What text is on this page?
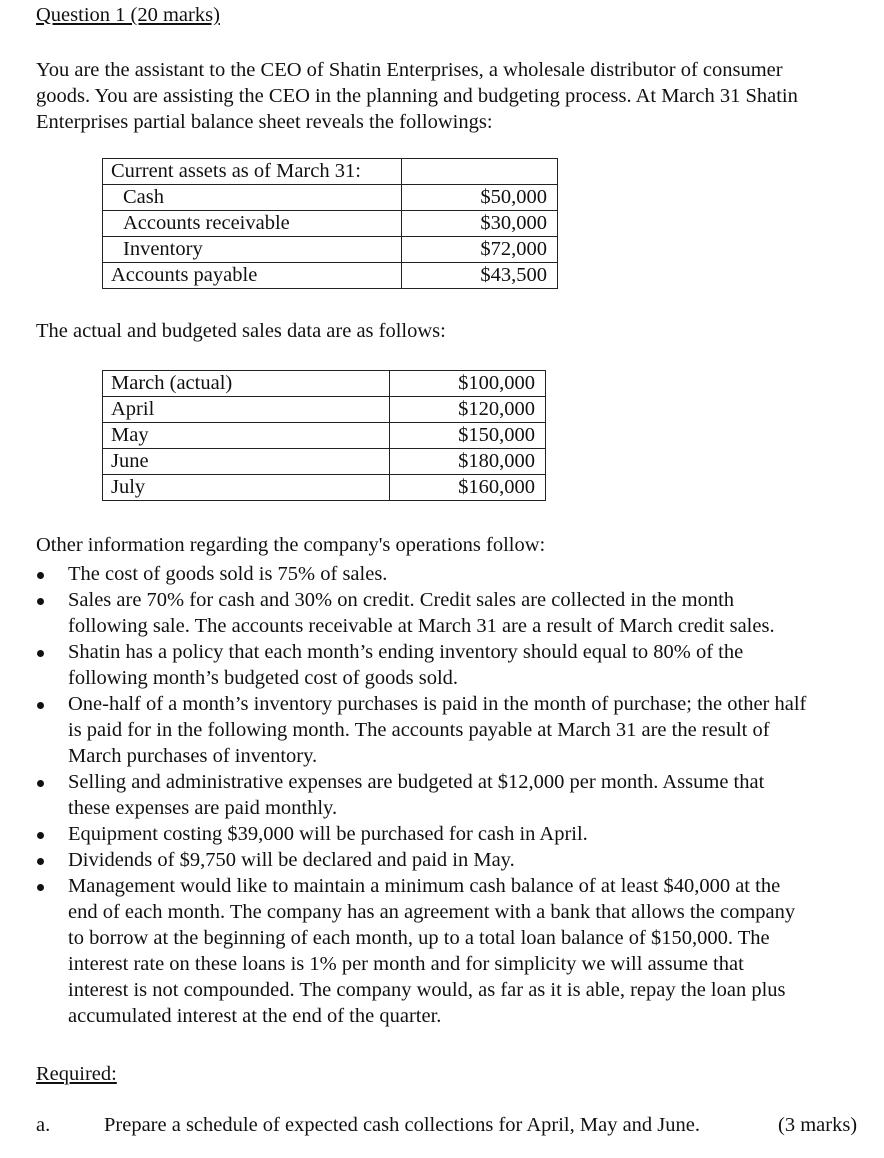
Question 1 (20 marks)
You are the assistant to the CEO of Shatin Enterprises, a wholesale distributor of consumer
goods. You are assisting the CEO in the planning and budgeting process. At March 31 Shatin
Enterprises partial balance sheet reveals the followings:
Current assets as of March 31:	
Cash	$50,000
Accounts receivable	$30,000
Inventory	$72,000
Accounts payable	$43,500
The actual and budgeted sales data are as follows:
March (actual)	$100,000
April	$120,000
May	$150,000
June	$180,000
July	$160,000
Other information regarding the company's operations follow:
The cost of goods sold is 75% of sales.
Sales are 70% for cash and 30% on credit. Credit sales are collected in the month
following sale. The accounts receivable at March 31 are a result of March credit sales.
Shatin has a policy that each month’s ending inventory should equal to 80% of the
following month’s budgeted cost of goods sold.
One-half of a month’s inventory purchases is paid in the month of purchase; the other half
is paid for in the following month. The accounts payable at March 31 are the result of
March purchases of inventory.
Selling and administrative expenses are budgeted at $12,000 per month. Assume that
these expenses are paid monthly.
Equipment costing $39,000 will be purchased for cash in April.
Dividends of $9,750 will be declared and paid in May.
Management would like to maintain a minimum cash balance of at least $40,000 at the
end of each month. The company has an agreement with a bank that allows the company
to borrow at the beginning of each month, up to a total loan balance of $150,000. The
interest rate on these loans is 1% per month and for simplicity we will assume that
interest is not compounded. The company would, as far as it is able, repay the loan plus
accumulated interest at the end of the quarter.
Required:
a.	Prepare a schedule of expected cash collections for April, May and June.	(3 marks)
